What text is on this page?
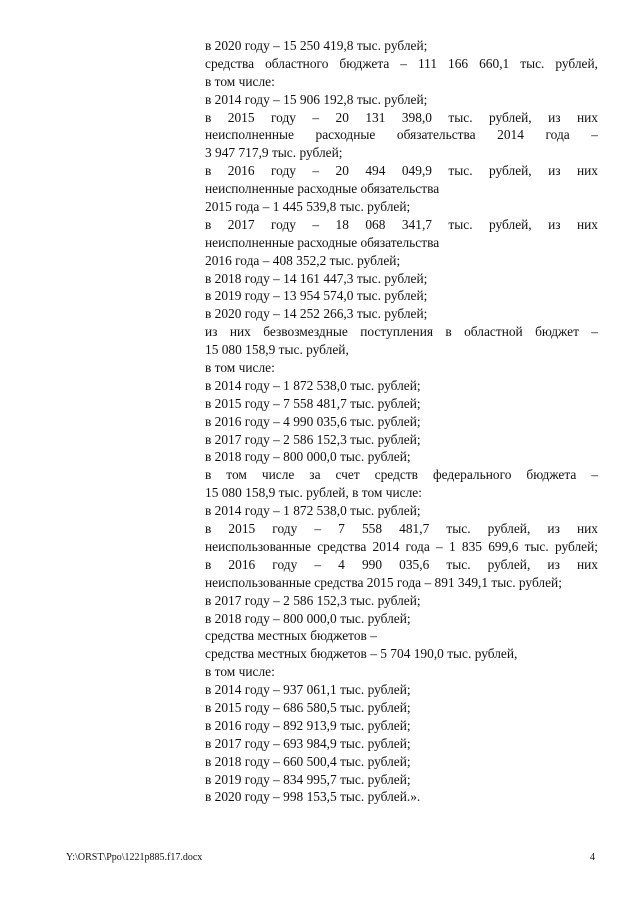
в 2020 году – 15 250 419,8 тыс. рублей;
средства областного бюджета – 111 166 660,1 тыс. рублей,
в том числе:
в 2014 году – 15 906 192,8 тыс. рублей;
в 2015 году – 20 131 398,0 тыс. рублей, из них
неисполненные расходные обязательства 2014 года –
3 947 717,9 тыс. рублей;
в 2016 году – 20 494 049,9 тыс. рублей, из них
неисполненные расходные обязательства
2015 года – 1 445 539,8 тыс. рублей;
в 2017 году – 18 068 341,7 тыс. рублей, из них
неисполненные расходные обязательства
2016 года – 408 352,2 тыс. рублей;
в 2018 году – 14 161 447,3 тыс. рублей;
в 2019 году – 13 954 574,0 тыс. рублей;
в 2020 году – 14 252 266,3 тыс. рублей;
из них безвозмездные поступления в областной бюджет –
15 080 158,9 тыс. рублей,
в том числе:
в 2014 году – 1 872 538,0 тыс. рублей;
в 2015 году – 7 558 481,7 тыс. рублей;
в 2016 году – 4 990 035,6 тыс. рублей;
в 2017 году – 2 586 152,3 тыс. рублей;
в 2018 году – 800 000,0 тыс. рублей;
в том числе за счет средств федерального бюджета –
15 080 158,9 тыс. рублей, в том числе:
в 2014 году – 1 872 538,0 тыс. рублей;
в 2015 году – 7 558 481,7 тыс. рублей, из них
неиспользованные средства 2014 года – 1 835 699,6 тыс. рублей;
в 2016 году – 4 990 035,6 тыс. рублей, из них
неиспользованные средства 2015 года – 891 349,1 тыс. рублей;
в 2017 году – 2 586 152,3 тыс. рублей;
в 2018 году – 800 000,0 тыс. рублей;
средства местных бюджетов –
средства местных бюджетов – 5 704 190,0 тыс. рублей,
в том числе:
в 2014 году – 937 061,1 тыс. рублей;
в 2015 году – 686 580,5 тыс. рублей;
в 2016 году – 892 913,9 тыс. рублей;
в 2017 году – 693 984,9 тыс. рублей;
в 2018 году – 660 500,4 тыс. рублей;
в 2019 году – 834 995,7 тыс. рублей;
в 2020 году – 998 153,5 тыс. рублей.».
Y:\ORST\Ppo\1221p885.f17.docx	4
